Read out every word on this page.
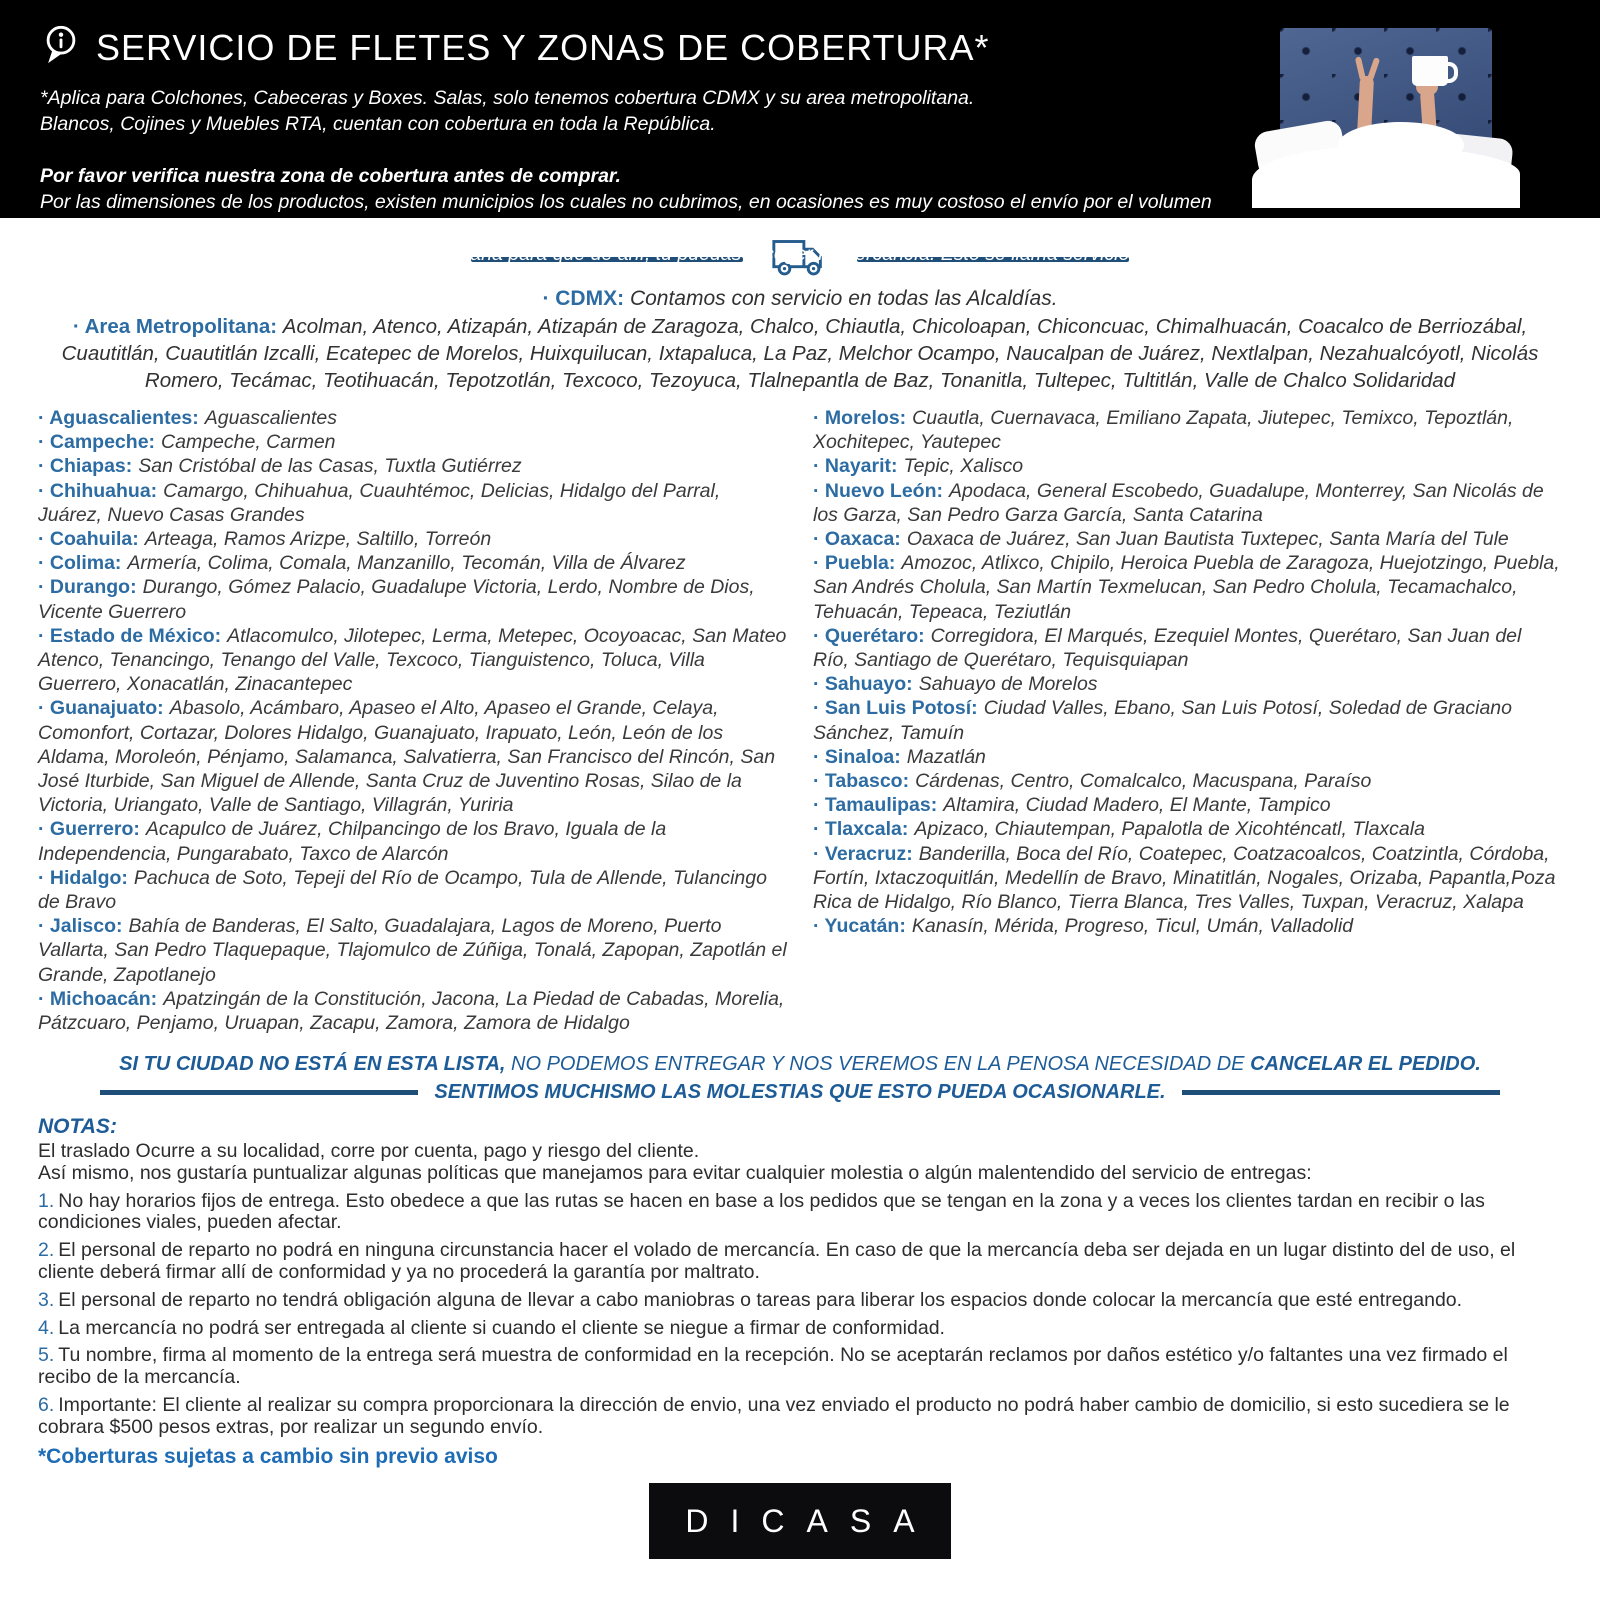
SERVICIO DE FLETES Y ZONAS DE COBERTURA*

*Aplica para Colchones, Cabeceras y Boxes. Salas, solo tenemos cobertura CDMX y su area metropolitana.

Blancos, Cojines y Muebles RTA, cuentan con cobertura en toda la República.

Por favor verifica nuestra zona de cobertura antes de comprar.

Por las dimensiones de los productos, existen municipios los cuales no cubrimos, en ocasiones es muy costoso el envío por el volumen y no tenemos cobertura a todos los destinos de México. Estamos trabajando para tener mayor cobertura. Si tu domicilio no se encuentra en la lista, lo podemos llevar a la ciudad más cercana para que de ahí, tú puedas recoger la mercancía. Esto se llama servicio Ocurre.

· CDMX: Contamos con servicio en todas las Alcaldías.
· Area Metropolitana: Acolman, Atenco, Atizapán, Atizapán de Zaragoza, Chalco, Chiautla, Chicoloapan, Chiconcuac, Chimalhuacán, Coacalco de Berriozábal, Cuautitlán, Cuautitlán Izcalli, Ecatepec de Morelos, Huixquilucan, Ixtapaluca, La Paz, Melchor Ocampo, Naucalpan de Juárez, Nextlalpan, Nezahualcóyotl, Nicolás Romero, Tecámac, Teotihuacán, Tepotzotlán, Texcoco, Tezoyuca, Tlalnepantla de Baz, Tonanitla, Tultepec, Tultitlán, Valle de Chalco Solidaridad
· Aguascalientes: Aguascalientes
· Campeche: Campeche, Carmen
· Chiapas: San Cristóbal de las Casas, Tuxtla Gutiérrez
· Chihuahua: Camargo, Chihuahua, Cuauhtémoc, Delicias, Hidalgo del Parral, Juárez, Nuevo Casas Grandes
· Coahuila: Arteaga, Ramos Arizpe, Saltillo, Torreón
· Colima: Armería, Colima, Comala, Manzanillo, Tecomán, Villa de Álvarez
· Durango: Durango, Gómez Palacio, Guadalupe Victoria, Lerdo, Nombre de Dios, Vicente Guerrero
· Estado de México: Atlacomulco, Jilotepec, Lerma, Metepec, Ocoyoacac, San Mateo Atenco, Tenancingo, Tenango del Valle, Texcoco, Tianguistenco, Toluca, Villa Guerrero, Xonacatlán, Zinacantepec
· Guanajuato: Abasolo, Acámbaro, Apaseo el Alto, Apaseo el Grande, Celaya, Comonfort, Cortazar, Dolores Hidalgo, Guanajuato, Irapuato, León, León de los Aldama, Moroleón, Pénjamo, Salamanca, Salvatierra, San Francisco del Rincón, San José Iturbide, San Miguel de Allende, Santa Cruz de Juventino Rosas, Silao de la Victoria, Uriangato, Valle de Santiago, Villagrán, Yuriria
· Guerrero: Acapulco de Juárez, Chilpancingo de los Bravo, Iguala de la Independencia, Pungarabato, Taxco de Alarcón
· Hidalgo: Pachuca de Soto, Tepeji del Río de Ocampo, Tula de Allende, Tulancingo de Bravo
· Jalisco: Bahía de Banderas, El Salto, Guadalajara, Lagos de Moreno, Puerto Vallarta, San Pedro Tlaquepaque, Tlajomulco de Zúñiga, Tonalá, Zapopan, Zapotlán el Grande, Zapotlanejo
· Michoacán: Apatzingán de la Constitución, Jacona, La Piedad de Cabadas, Morelia, Pátzcuaro, Penjamo, Uruapan, Zacapu, Zamora, Zamora de Hidalgo
· Morelos: Cuautla, Cuernavaca, Emiliano Zapata, Jiutepec, Temixco, Tepoztlán, Xochitepec, Yautepec
· Nayarit: Tepic, Xalisco
· Nuevo León: Apodaca, General Escobedo, Guadalupe, Monterrey, San Nicolás de los Garza, San Pedro Garza García, Santa Catarina
· Oaxaca: Oaxaca de Juárez, San Juan Bautista Tuxtepec, Santa María del Tule
· Puebla: Amozoc, Atlixco, Chipilo, Heroica Puebla de Zaragoza, Huejotzingo, Puebla, San Andrés Cholula, San Martín Texmelucan, San Pedro Cholula, Tecamachalco, Tehuacán, Tepeaca, Teziutlán
· Querétaro: Corregidora, El Marqués, Ezequiel Montes, Querétaro, San Juan del Río, Santiago de Querétaro, Tequisquiapan
· Sahuayo: Sahuayo de Morelos
· San Luis Potosí: Ciudad Valles, Ebano, San Luis Potosí, Soledad de Graciano Sánchez, Tamuín
· Sinaloa: Mazatlán
· Tabasco: Cárdenas, Centro, Comalcalco, Macuspana, Paraíso
· Tamaulipas: Altamira, Ciudad Madero, El Mante, Tampico
· Tlaxcala: Apizaco, Chiautempan, Papalotla de Xicohténcatl, Tlaxcala
· Veracruz: Banderilla, Boca del Río, Coatepec, Coatzacoalcos, Coatzintla, Córdoba, Fortín, Ixtaczoquitlán, Medellín de Bravo, Minatitlán, Nogales, Orizaba, Papantla,Poza Rica de Hidalgo, Río Blanco, Tierra Blanca, Tres Valles, Tuxpan, Veracruz, Xalapa
· Yucatán: Kanasín, Mérida, Progreso, Ticul, Umán, Valladolid
SI TU CIUDAD NO ESTÁ EN ESTA LISTA, NO PODEMOS ENTREGAR Y NOS VEREMOS EN LA PENOSA NECESIDAD DE CANCELAR EL PEDIDO.
SENTIMOS MUCHISMO LAS MOLESTIAS QUE ESTO PUEDA OCASIONARLE.
NOTAS:

El traslado Ocurre a su localidad, corre por cuenta, pago y riesgo del cliente.

Así mismo, nos gustaría puntualizar algunas políticas que manejamos para evitar cualquier molestia o algún malentendido del servicio de entregas:

1. No hay horarios fijos de entrega. Esto obedece a que las rutas se hacen en base a los pedidos que se tengan en la zona y a veces los clientes tardan en recibir o las condiciones viales, pueden afectar.
2. El personal de reparto no podrá en ninguna circunstancia hacer el volado de mercancía. En caso de que la mercancía deba ser dejada en un lugar distinto del de uso, el cliente deberá firmar allí de conformidad y ya no procederá la garantía por maltrato.
3. El personal de reparto no tendrá obligación alguna de llevar a cabo maniobras o tareas para liberar los espacios donde colocar la mercancía que esté entregando.
4. La mercancía no podrá ser entregada al cliente si cuando el cliente se niegue a firmar de conformidad.
5. Tu nombre, firma al momento de la entrega será muestra de conformidad en la recepción. No se aceptarán reclamos por daños estético y/o faltantes una vez firmado el recibo de la mercancía.
6. Importante: El cliente al realizar su compra proporcionara la dirección de envio, una vez enviado el producto no podrá haber cambio de domicilio, si esto sucediera se le cobrara $500 pesos extras, por realizar un segundo envío.
*Coberturas sujetas a cambio sin previo aviso
DICASA
